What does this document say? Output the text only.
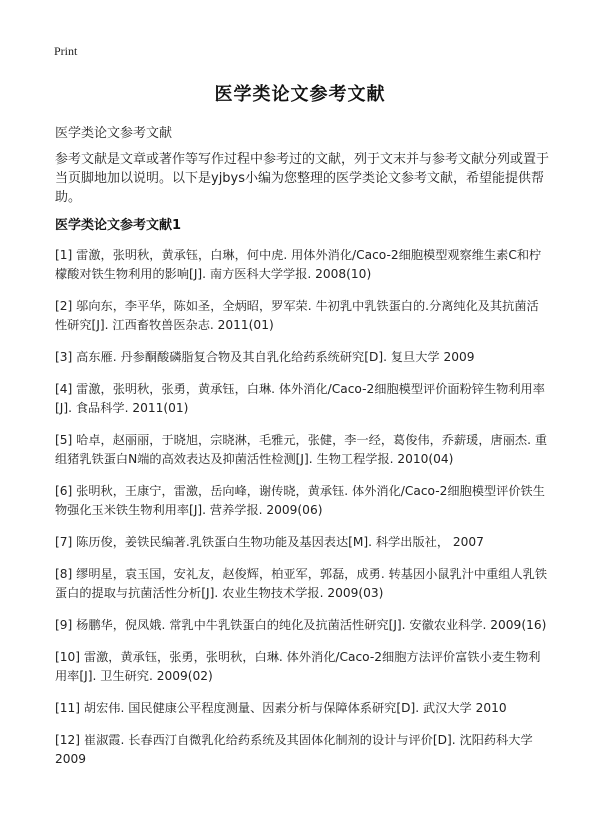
Print
医学类论文参考文献
医学类论文参考文献

参考文献是文章或著作等写作过程中参考过的文献，列于文末并与参考文献分列或置于当页脚地加以说明。以下是yjbys小编为您整理的医学类论文参考文献，希望能提供帮助。

医学类论文参考文献1
[1] 雷激，张明秋，黄承钰，白琳，何中虎. 用体外消化/Caco-2细胞模型观察维生素C和柠檬酸对铁生物利用的影响[J]. 南方医科大学学报. 2008(10)
[2] 邬向东，李平华，陈如圣，全炳昭，罗军荣. 牛初乳中乳铁蛋白的.分离纯化及其抗菌活性研究[J]. 江西畜牧兽医杂志. 2011(01)
[3] 高东雁. 丹参酮酸磷脂复合物及其自乳化给药系统研究[D]. 复旦大学 2009
[4] 雷激，张明秋，张勇，黄承钰，白琳. 体外消化/Caco-2细胞模型评价面粉锌生物利用率[J]. 食品科学. 2011(01)
[5] 哈卓，赵丽丽，于晓旭，宗晓淋，毛雅元，张健，李一经，葛俊伟，乔薪瑗，唐丽杰. 重组猪乳铁蛋白N端的高效表达及抑菌活性检测[J]. 生物工程学报. 2010(04)
[6] 张明秋，王康宁，雷激，岳向峰，谢传晓，黄承钰. 体外消化/Caco-2细胞模型评价铁生物强化玉米铁生物利用率[J]. 营养学报. 2009(06)
[7] 陈历俊，姜铁民编著.乳铁蛋白生物功能及基因表达[M]. 科学出版社， 2007
[8] 缪明星，袁玉国，安礼友，赵俊辉，柏亚军，郭磊，成勇. 转基因小鼠乳汁中重组人乳铁蛋白的提取与抗菌活性分析[J]. 农业生物技术学报. 2009(03)
[9] 杨鹏华，倪凤娥. 常乳中牛乳铁蛋白的纯化及抗菌活性研究[J]. 安徽农业科学. 2009(16)
[10] 雷激，黄承钰，张勇，张明秋，白琳. 体外消化/Caco-2细胞方法评价富铁小麦生物利用率[J]. 卫生研究. 2009(02)
[11] 胡宏伟. 国民健康公平程度测量、因素分析与保障体系研究[D]. 武汉大学 2010
[12] 崔淑霞. 长春西汀自微乳化给药系统及其固体化制剂的设计与评价[D]. 沈阳药科大学 2009
